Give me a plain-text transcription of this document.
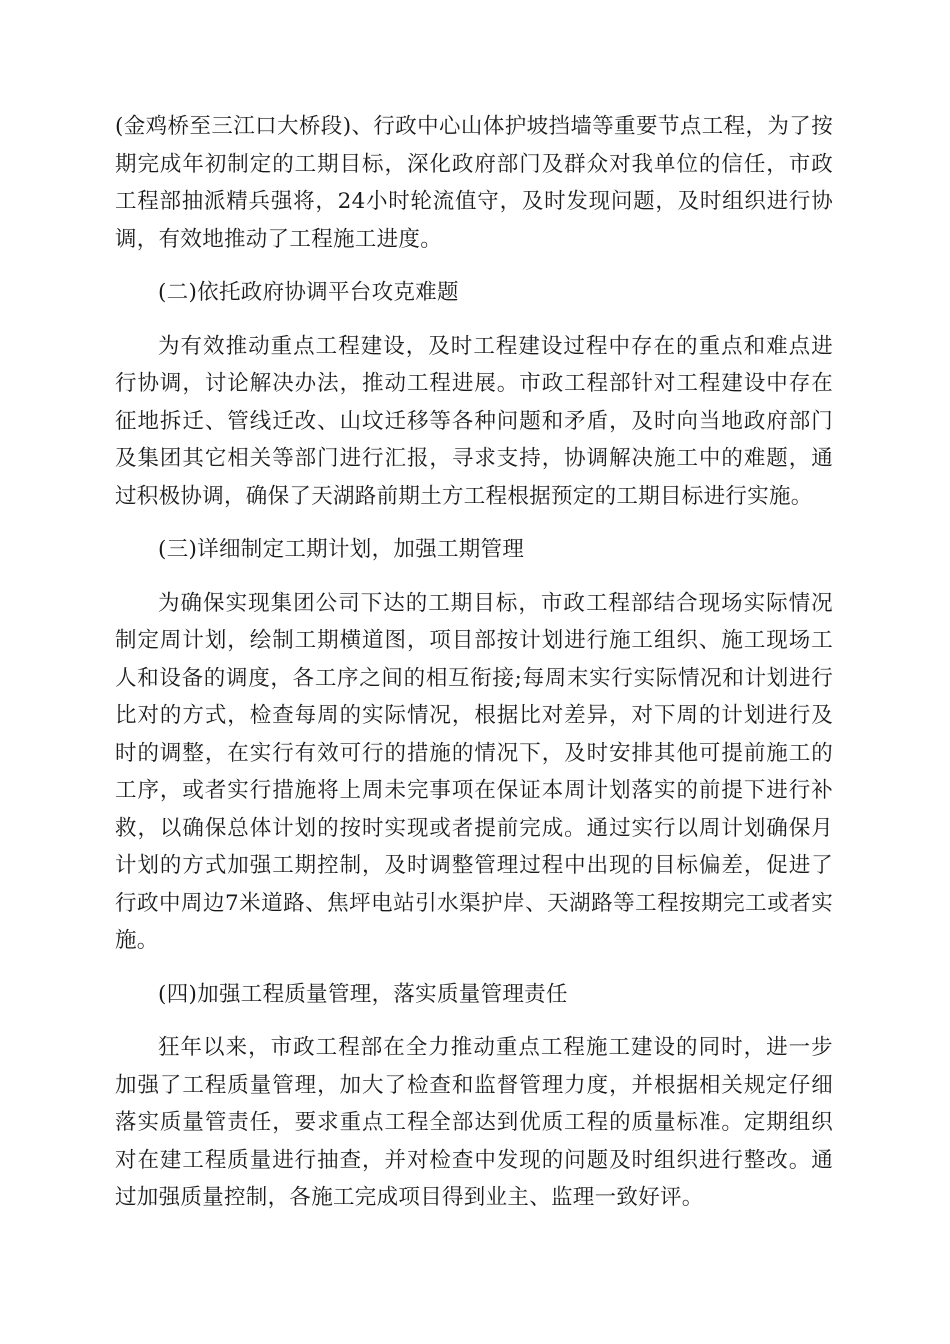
(金鸡桥至三江口大桥段)、行政中心山体护坡挡墙等重要节点工程，为了按期完成年初制定的工期目标，深化政府部门及群众对我单位的信任，市政工程部抽派精兵强将，24小时轮流值守，及时发现问题，及时组织进行协调，有效地推动了工程施工进度。

(二)依托政府协调平台攻克难题

为有效推动重点工程建设，及时工程建设过程中存在的重点和难点进行协调，讨论解决办法，推动工程进展。市政工程部针对工程建设中存在征地拆迁、管线迁改、山坟迁移等各种问题和矛盾，及时向当地政府部门及集团其它相关等部门进行汇报，寻求支持，协调解决施工中的难题，通过积极协调，确保了天湖路前期土方工程根据预定的工期目标进行实施。

(三)详细制定工期计划，加强工期管理

为确保实现集团公司下达的工期目标，市政工程部结合现场实际情况制定周计划，绘制工期横道图，项目部按计划进行施工组织、施工现场工人和设备的调度，各工序之间的相互衔接;每周末实行实际情况和计划进行比对的方式，检查每周的实际情况，根据比对差异，对下周的计划进行及时的调整，在实行有效可行的措施的情况下，及时安排其他可提前施工的工序，或者实行措施将上周未完事项在保证本周计划落实的前提下进行补救，以确保总体计划的按时实现或者提前完成。通过实行以周计划确保月计划的方式加强工期控制，及时调整管理过程中出现的目标偏差，促进了行政中周边7米道路、焦坪电站引水渠护岸、天湖路等工程按期完工或者实施。

(四)加强工程质量管理，落实质量管理责任

狂年以来，市政工程部在全力推动重点工程施工建设的同时，进一步加强了工程质量管理，加大了检查和监督管理力度，并根据相关规定仔细落实质量管责任，要求重点工程全部达到优质工程的质量标准。定期组织对在建工程质量进行抽查，并对检查中发现的问题及时组织进行整改。通过加强质量控制，各施工完成项目得到业主、监理一致好评。
